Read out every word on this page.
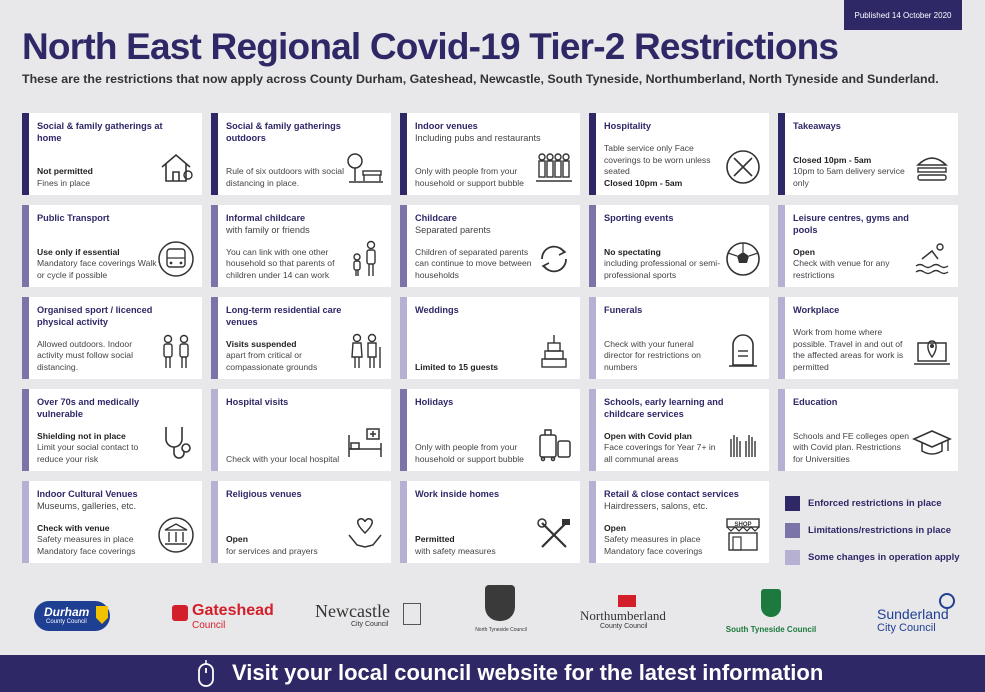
Published 14 October 2020
North East Regional Covid-19 Tier-2 Restrictions
These are the restrictions that now apply across County Durham, Gateshead, Newcastle, South Tyneside, Northumberland, North Tyneside and Sunderland.
Social & family gatherings at home
Not permitted
Fines in place
Social & family gatherings outdoors
Rule of six outdoors with social distancing in place.
Indoor venues
Including pubs and restaurants
Only with people from your household or support bubble
Hospitality
Table service only Face coverings to be worn unless seated
Closed 10pm - 5am
Takeaways
Closed 10pm - 5am
10pm to 5am delivery service only
Public Transport
Use only if essential
Mandatory face coverings Walk or cycle if possible
Informal childcare
with family or friends
You can link with one other household so that parents of children under 14 can work
Childcare
Separated parents
Children of separated parents can continue to move between households
Sporting events
No spectating
including professional or semi-professional sports
Leisure centres, gyms and pools
Open
Check with venue for any restrictions
Organised sport / licenced physical activity
Allowed outdoors. Indoor activity must follow social distancing.
Long-term residential care venues
Visits suspended
apart from critical or compassionate grounds
Weddings
Limited to 15 guests
Funerals
Check with your funeral director for restrictions on numbers
Workplace
Work from home where possible. Travel in and out of the affected areas for work is permitted
Over 70s and medically vulnerable
Shielding not in place
Limit your social contact to reduce your risk
Hospital visits
Check with your local hospital
Holidays
Only with people from your household or support bubble
Schools, early learning and childcare services
Open with Covid plan
Face coverings for Year 7+ in all communal areas
Education
Schools and FE colleges open with Covid plan. Restrictions for Universities
Indoor Cultural Venues
Museums, galleries, etc.
Check with venue
Safety measures in place Mandatory face coverings
Religious venues
Open
for services and prayers
Work inside homes
Permitted
with safety measures
Retail & close contact services
Hairdressers, salons, etc.
Open
Safety measures in place Mandatory face coverings
SHOP
Enforced restrictions in place
Limitations/restrictions in place
Some changes in operation apply
Durham
County Council
Gateshead
Council
Newcastle
City Council
North Tyneside Council
Northumberland
County Council	South Tyneside Council
Sunderland
City Council
Visit your local council website for the latest information
